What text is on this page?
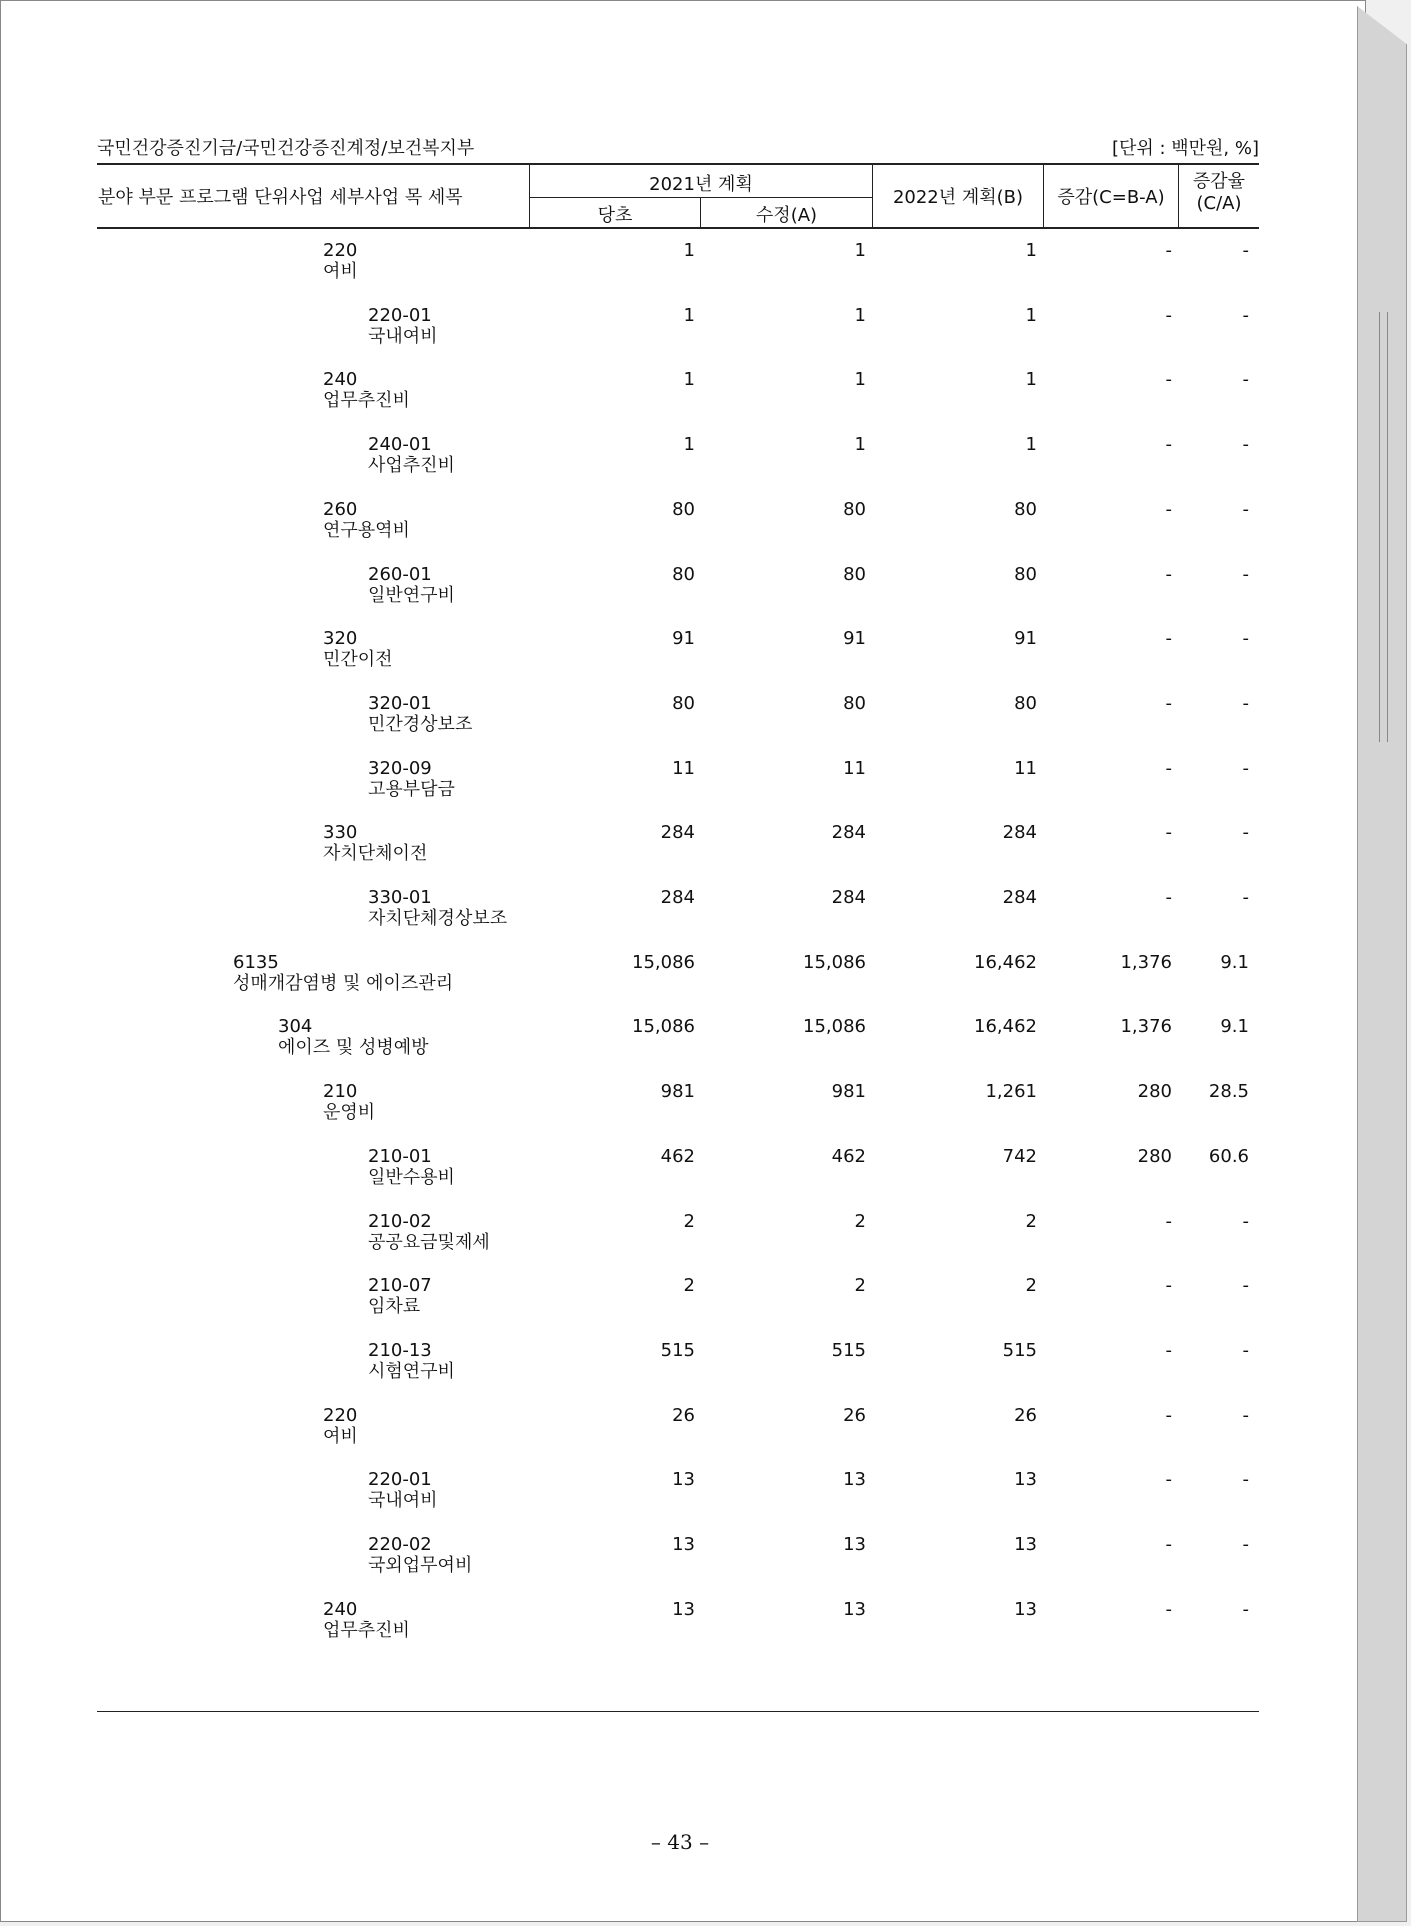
국민건강증진기금/국민건강증진계정/보건복지부	[단위 : 백만원, %]
분야 부문 프로그램 단위사업 세부사업 목 세목
2021년 계획
당초	수정(A)
2022년 계획(B)	증감(C=B-A)
증감율
(C/A)
220
여비
1	1	1	-	-
220-01
국내여비
1	1	1	-	-
240
업무추진비
1	1	1	-	-
240-01
사업추진비
1	1	1	-	-
260
연구용역비
80	80	80	-	-
260-01
일반연구비
80	80	80	-	-
320
민간이전
91	91	91	-	-
320-01
민간경상보조
80	80	80	-	-
320-09
고용부담금
11	11	11	-	-
330
자치단체이전
284	284	284	-	-
330-01
자치단체경상보조
284	284	284	-	-
6135
성매개감염병 및 에이즈관리
15,086	15,086	16,462	1,376	9.1
304
에이즈 및 성병예방
15,086	15,086	16,462	1,376	9.1
210
운영비
981	981	1,261	280	28.5
210-01
일반수용비
462	462	742	280	60.6
210-02
공공요금및제세
2	2	2	-	-
210-07
임차료
2	2	2	-	-
210-13
시험연구비
515	515	515	-	-
220
여비
26	26	26	-	-
220-01
국내여비
13	13	13	-	-
220-02
국외업무여비
13	13	13	-	-
240
업무추진비
13	13	13	-	-
– 43 –
